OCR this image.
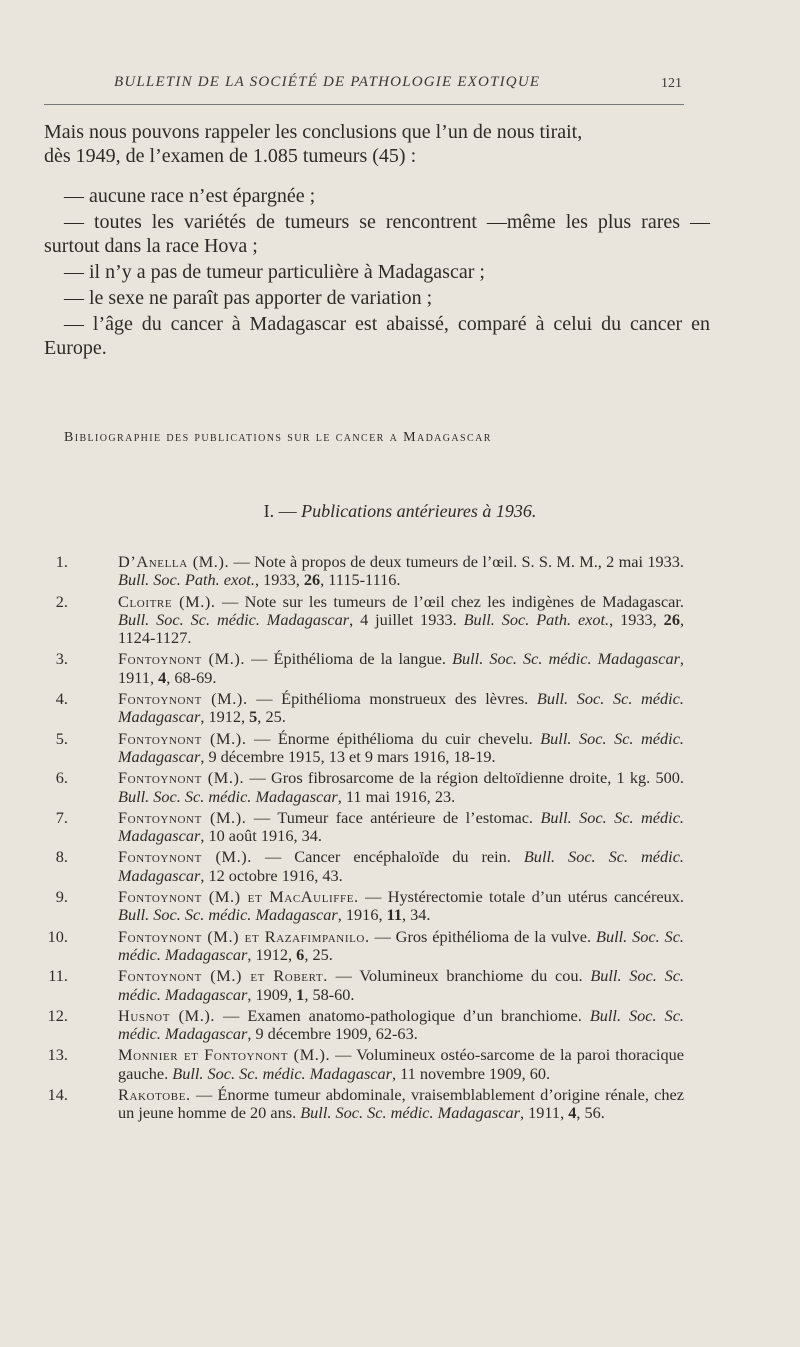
BULLETIN DE LA SOCIÉTÉ DE PATHOLOGIE EXOTIQUE	121

Mais nous pouvons rappeler les conclusions que l’un de nous tirait,

dès 1949, de l’examen de 1.085 tumeurs (45) :

— aucune race n’est épargnée ;

— toutes les variétés de tumeurs se rencontrent —même les plus rares — surtout dans la race Hova ;

— il n’y a pas de tumeur particulière à Madagascar ;

— le sexe ne paraît pas apporter de variation ;

— l’âge du cancer à Madagascar est abaissé, comparé à celui du cancer en Europe.

Bibliographie des publications sur le cancer a Madagascar
I. — Publications antérieures à 1936.
1.	D’Anella (M.). — Note à propos de deux tumeurs de l’œil. S. S. M. M., 2 mai 1933. Bull. Soc. Path. exot., 1933, 26, 1115-1116.
2.	Cloitre (M.). — Note sur les tumeurs de l’œil chez les indigènes de Madagascar. Bull. Soc. Sc. médic. Madagascar, 4 juillet 1933. Bull. Soc. Path. exot., 1933, 26, 1124-1127.
3.	Fontoynont (M.). — Épithélioma de la langue. Bull. Soc. Sc. médic. Madagascar, 1911, 4, 68-69.
4.	Fontoynont (M.). — Épithélioma monstrueux des lèvres. Bull. Soc. Sc. médic. Madagascar, 1912, 5, 25.
5.	Fontoynont (M.). — Énorme épithélioma du cuir chevelu. Bull. Soc. Sc. médic. Madagascar, 9 décembre 1915, 13 et 9 mars 1916, 18-19.
6.	Fontoynont (M.). — Gros fibrosarcome de la région deltoïdienne droite, 1 kg. 500. Bull. Soc. Sc. médic. Madagascar, 11 mai 1916, 23.
7.	Fontoynont (M.). — Tumeur face antérieure de l’estomac. Bull. Soc. Sc. médic. Madagascar, 10 août 1916, 34.
8.	Fontoynont (M.). — Cancer encéphaloïde du rein. Bull. Soc. Sc. médic. Madagascar, 12 octobre 1916, 43.
9.	Fontoynont (M.) et MacAuliffe. — Hystérectomie totale d’un utérus cancéreux. Bull. Soc. Sc. médic. Madagascar, 1916, 11, 34.
10.	Fontoynont (M.) et Razafimpanilo. — Gros épithélioma de la vulve. Bull. Soc. Sc. médic. Madagascar, 1912, 6, 25.
11.	Fontoynont (M.) et Robert. — Volumineux branchiome du cou. Bull. Soc. Sc. médic. Madagascar, 1909, 1, 58-60.
12.	Husnot (M.). — Examen anatomo-pathologique d’un branchiome. Bull. Soc. Sc. médic. Madagascar, 9 décembre 1909, 62-63.
13.	Monnier et Fontoynont (M.). — Volumineux ostéo-sarcome de la paroi thoracique gauche. Bull. Soc. Sc. médic. Madagascar, 11 novembre 1909, 60.
14.	Rakotobe. — Énorme tumeur abdominale, vraisemblablement d’origine rénale, chez un jeune homme de 20 ans. Bull. Soc. Sc. médic. Madagascar, 1911, 4, 56.
